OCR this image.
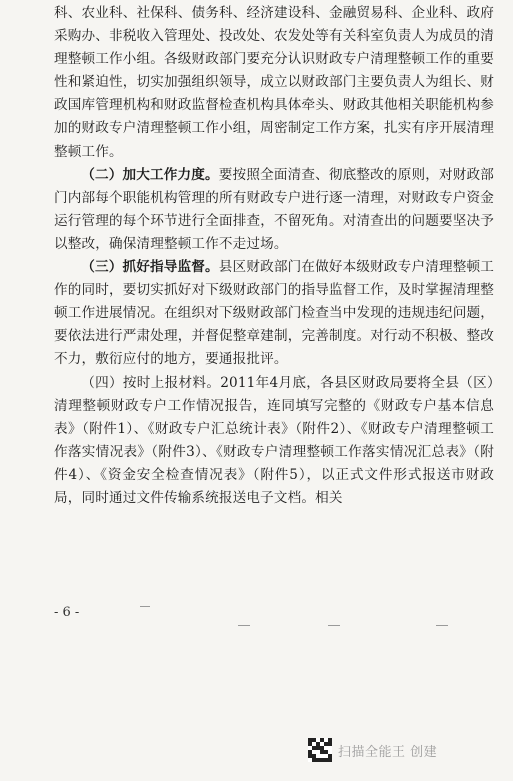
科、农业科、社保科、债务科、经济建设科、金融贸易科、企业科、政府采购办、非税收入管理处、投改处、农发处等有关科室负责人为成员的清理整顿工作小组。各级财政部门要充分认识财政专户清理整顿工作的重要性和紧迫性，切实加强组织领导，成立以财政部门主要负责人为组长、财政国库管理机构和财政监督检查机构具体牵头、财政其他相关职能机构参加的财政专户清理整顿工作小组，周密制定工作方案，扎实有序开展清理整顿工作。

（二）加大工作力度。要按照全面清查、彻底整改的原则，对财政部门内部每个职能机构管理的所有财政专户进行逐一清理，对财政专户资金运行管理的每个环节进行全面排查，不留死角。对清查出的问题要坚决予以整改，确保清理整顿工作不走过场。

（三）抓好指导监督。县区财政部门在做好本级财政专户清理整顿工作的同时，要切实抓好对下级财政部门的指导监督工作，及时掌握清理整顿工作进展情况。在组织对下级财政部门检查当中发现的违规违纪问题，要依法进行严肃处理，并督促整章建制，完善制度。对行动不积极、整改不力，敷衍应付的地方，要通报批评。

（四）按时上报材料。2011年4月底，各县区财政局要将全县（区）清理整顿财政专户工作情况报告，连同填写完整的《财政专户基本信息表》（附件1）、《财政专户汇总统计表》（附件2）、《财政专户清理整顿工作落实情况表》（附件3）、《财政专户清理整顿工作落实情况汇总表》（附件4）、《资金安全检查情况表》（附件5），以正式文件形式报送市财政局，同时通过文件传输系统报送电子文档。相关

- 6 -
扫描全能王 创建
